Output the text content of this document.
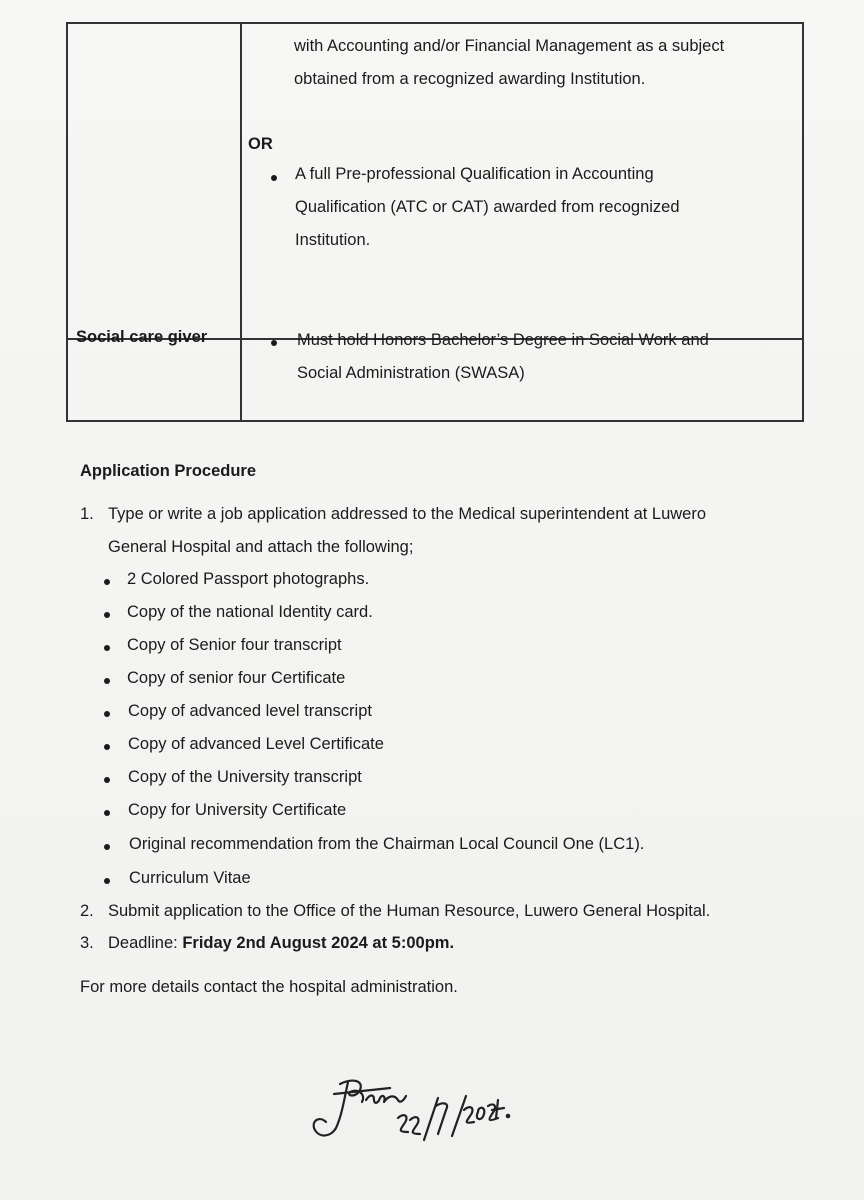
with Accounting and/or Financial Management as a subject
obtained from a recognized awarding Institution.
OR
A full Pre-professional Qualification in Accounting
Qualification (ATC or CAT) awarded from recognized
Institution.
Social care giver	Must hold Honors Bachelor’s Degree in Social Work and
Social Administration (SWASA)
Application Procedure
1. Type or write a job application addressed to the Medical superintendent at Luwero
General Hospital and attach the following;
2 Colored Passport photographs.
Copy of the national Identity card.
Copy of Senior four transcript
Copy of senior four Certificate
Copy of advanced level transcript
Copy of advanced Level Certificate
Copy of the University transcript
Copy for University Certificate
Original recommendation from the Chairman Local Council One (LC1).
Curriculum Vitae
2. Submit application to the Office of the Human Resource, Luwero General Hospital.
3. Deadline: Friday 2nd August 2024 at 5:00pm.
For more details contact the hospital administration.
